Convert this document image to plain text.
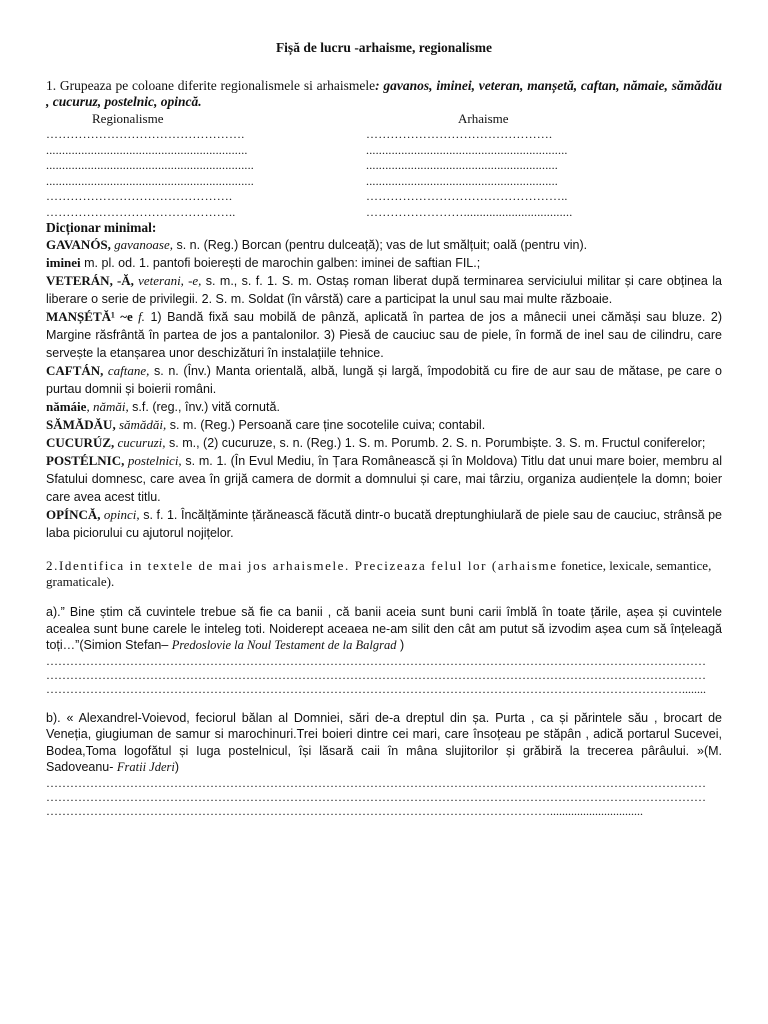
Fișă de lucru -arhaisme, regionalisme

1. Grupeaza pe coloane diferite regionalismele si arhaismele: gavanos, iminei, veteran, manșetă, caftan, nămaie, sămădău , cucuruz, postelnic, opincă.

Regionalisme
………………………………………….
...............................................................
.................................................................
.................................................................
……………………………………….
………………………………………..
Arhaisme
……………………………………….
...............................................................
............................................................
............................................................
…………………………………………..
……………………..................................
Dicționar minimal:

GAVANÓS, gavanoase, s. n. (Reg.) Borcan (pentru dulceață); vas de lut smălțuit; oală (pentru vin).

iminei m. pl. od. 1. pantofi boierești de marochin galben: iminei de saftian FIL.;

VETERÁN, -Ă, veterani, -e, s. m., s. f. 1. S. m. Ostaș roman liberat după terminarea serviciului militar și care obținea la liberare o serie de privilegii. 2. S. m. Soldat (în vârstă) care a participat la unul sau mai multe războaie.

MANȘÉTĂ¹ ~e f. 1) Bandă fixă sau mobilă de pânză, aplicată în partea de jos a mânecii unei cămăși sau bluze. 2) Margine răsfrântă în partea de jos a pantalonilor. 3) Piesă de cauciuc sau de piele, în formă de inel sau de cilindru, care servește la etanșarea unor deschizături în instalațiile tehnice.

CAFTÁN, caftane, s. n. (Înv.) Manta orientală, albă, lungă și largă, împodobită cu fire de aur sau de mătase, pe care o purtau domnii și boierii români.

nămáie, nămăi, s.f. (reg., înv.) vită cornută.

SĂMĂDĂU, sămădăi, s. m. (Reg.) Persoană care ține socotelile cuiva; contabil.

CUCURÚZ, cucuruzi, s. m., (2) cucuruze, s. n. (Reg.) 1. S. m. Porumb. 2. S. n. Porumbiște. 3. S. m. Fructul coniferelor;

POSTÉLNIC, postelnici, s. m. 1. (În Evul Mediu, în Țara Românească și în Moldova) Titlu dat unui mare boier, membru al Sfatului domnesc, care avea în grijă camera de dormit a domnului și care, mai târziu, organiza audiențele la domn; boier care avea acest titlu.

OPÍNCĂ, opinci, s. f. 1. Încălțăminte țărănească făcută dintr-o bucată dreptunghiulară de piele sau de cauciuc, strânsă pe laba piciorului cu ajutorul nojițelor.

2.Identifica in textele de mai jos arhaismele. Precizeaza felul lor (arhaisme fonetice, lexicale, semantice, gramaticale).

a).” Bine știm că cuvintele trebue să fie ca banii , că banii aceia sunt buni carii îmblă în toate țările, așea și cuvintele acealea sunt bune carele le inteleg toti. Noiderept aceaea ne-am silit den cât am putut să izvodim așea cum să înțeleagă toți…”(Simion Stefan– Predoslovie la Noul Testament de la Balgrad )

…………………………………………………………………………………………………………………………………………………
…………………………………………………………………………………………………………………………………………………
……………………………………………………………………………………………………………………………………………........

b). « Alexandrel-Voievod, feciorul bălan al Domniei, sări de-a dreptul din șa. Purta , ca și părintele său , brocart de Veneția, giugiuman de samur si marochinuri.Trei boieri dintre cei mari, care însoțeau pe stăpân , adică portarul Sucevei, Bodea,Toma logofătul și Iuga postelnicul, își lăsară caii în mâna slujitorilor și grăbiră la trecerea pârâului. »(M. Sadoveanu- Fratii Jderi)

…………………………………………………………………………………………………………………………………………………
…………………………………………………………………………………………………………………………………………………
………………………………………………………………………………………………………………...............................
